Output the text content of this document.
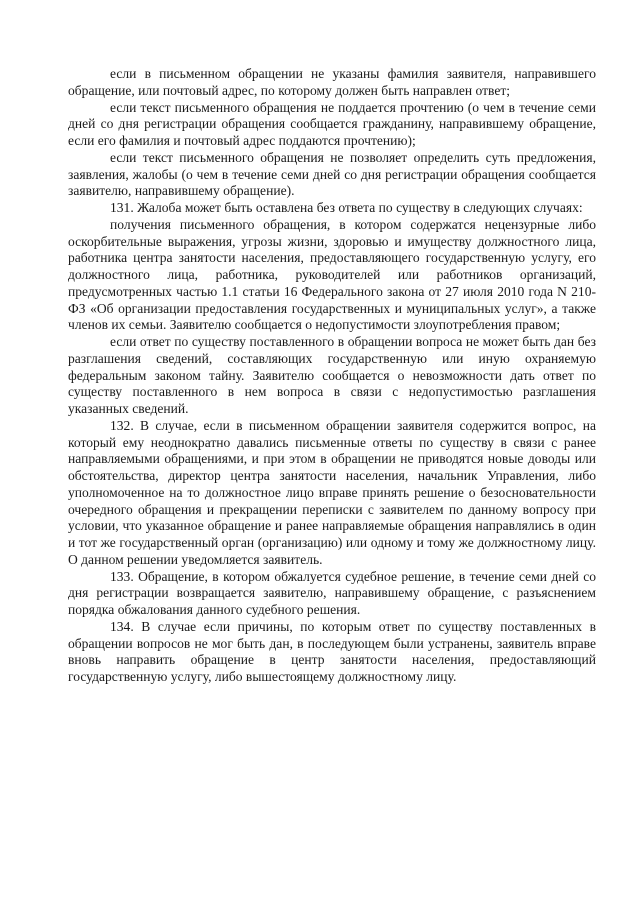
если в письменном обращении не указаны фамилия заявителя, направившего обращение, или почтовый адрес, по которому должен быть направлен ответ;

если текст письменного обращения не поддается прочтению (о чем в течение семи дней со дня регистрации обращения сообщается гражданину, направившему обращение, если его фамилия и почтовый адрес поддаются прочтению);

если текст письменного обращения не позволяет определить суть предложения, заявления, жалобы (о чем в течение семи дней со дня регистрации обращения сообщается заявителю, направившему обращение).

131. Жалоба может быть оставлена без ответа по существу в следующих случаях:

получения письменного обращения, в котором содержатся нецензурные либо оскорбительные выражения, угрозы жизни, здоровью и имуществу должностного лица, работника центра занятости населения, предоставляющего государственную услугу, его должностного лица, работника, руководителей или работников организаций, предусмотренных частью 1.1 статьи 16 Федерального закона от 27 июля 2010 года N 210-ФЗ «Об организации предоставления государственных и муниципальных услуг», а также членов их семьи. Заявителю сообщается о недопустимости злоупотребления правом;

если ответ по существу поставленного в обращении вопроса не может быть дан без разглашения сведений, составляющих государственную или иную охраняемую федеральным законом тайну. Заявителю сообщается о невозможности дать ответ по существу поставленного в нем вопроса в связи с недопустимостью разглашения указанных сведений.

132. В случае, если в письменном обращении заявителя содержится вопрос, на который ему неоднократно давались письменные ответы по существу в связи с ранее направляемыми обращениями, и при этом в обращении не приводятся новые доводы или обстоятельства, директор центра занятости населения, начальник Управления, либо уполномоченное на то должностное лицо вправе принять решение о безосновательности очередного обращения и прекращении переписки с заявителем по данному вопросу при условии, что указанное обращение и ранее направляемые обращения направлялись в один и тот же государственный орган (организацию) или одному и тому же должностному лицу. О данном решении уведомляется заявитель.

133. Обращение, в котором обжалуется судебное решение, в течение семи дней со дня регистрации возвращается заявителю, направившему обращение, с разъяснением порядка обжалования данного судебного решения.

134. В случае если причины, по которым ответ по существу поставленных в обращении вопросов не мог быть дан, в последующем были устранены, заявитель вправе вновь направить обращение в центр занятости населения, предоставляющий государственную услугу, либо вышестоящему должностному лицу.
